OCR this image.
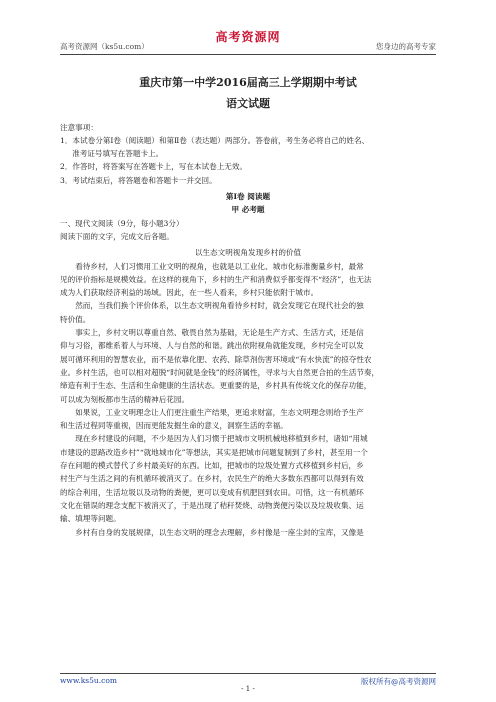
高考资源网（ks5u.com）
高考资源网
您身边的高考专家
重庆市第一中学2016届高三上学期期中考试
语文试题
注意事项：
1．本试卷分第Ⅰ卷（阅读题）和第Ⅱ卷（表达题）两部分。答卷前，考生务必将自己的姓名、
准考证号填写在答题卡上。
2．作答时，将答案写在答题卡上，写在本试卷上无效。
3．考试结束后，将答题卷和答题卡一并交回。
第Ⅰ卷 阅读题
甲 必考题
一、现代文阅读（9分，每小题3分）
阅读下面的文字，完成文后各题。
以生态文明视角发现乡村的价值
看待乡村，人们习惯用工业文明的视角，也就是以工业化、城市化标准衡量乡村，最常
见的评价指标是规模效益。在这样的视角下，乡村的生产和消费似乎都变得不“经济”，也无法
成为人们获取经济利益的场域。因此，在一些人看来，乡村只能依附于城市。
然而，当我们换个评价体系，以生态文明视角看待乡村时，就会发现它在现代社会的独
特价值。
事实上，乡村文明以尊重自然、敬畏自然为基础，无论是生产方式、生活方式，还是信
仰与习俗，都维系着人与环境、人与自然的和谐。跳出依附视角就能发现，乡村完全可以发
展可循环利用的智慧农业，而不是依靠化肥、农药、除草剂伤害环境或“有水快流”的掠夺性农
业。乡村生活，也可以相对超脱“时间就是金钱”的经济属性，寻求与大自然更合拍的生活节奏，
缔造有利于生态、生活和生命健康的生活状态。更重要的是，乡村具有传统文化的保存功能，
可以成为刻板都市生活的精神后花园。
如果说，工业文明理念让人们更注重生产结果，更追求财富，生态文明理念则给予生产
和生活过程同等重视，因而更能发掘生命的意义，洞察生活的幸福。
现在乡村建设的问题，不少是因为人们习惯于把城市文明机械地移植到乡村，诸如“用城
市建设的思路改造乡村”“就地城市化”等想法，其实是把城市问题复制到了乡村，甚至用一个
存在问题的模式替代了乡村最美好的东西。比如，把城市的垃圾处置方式移植到乡村后，乡
村生产与生活之间的有机循环被消灭了。在乡村，农民生产的绝大多数东西都可以得到有效
的综合利用，生活垃圾以及动物的粪便，更可以变成有机肥回到农田。可惜，这一有机循环
文化在错误的理念支配下被消灭了，于是出现了秸秆焚烧、动物粪便污染以及垃圾收集、运
输、填埋等问题。
乡村有自身的发展规律，以生态文明的理念去理解，乡村像是一座尘封的宝库，又像是
www.ks5u.com	版权所有@高考资源网
- 1 -
